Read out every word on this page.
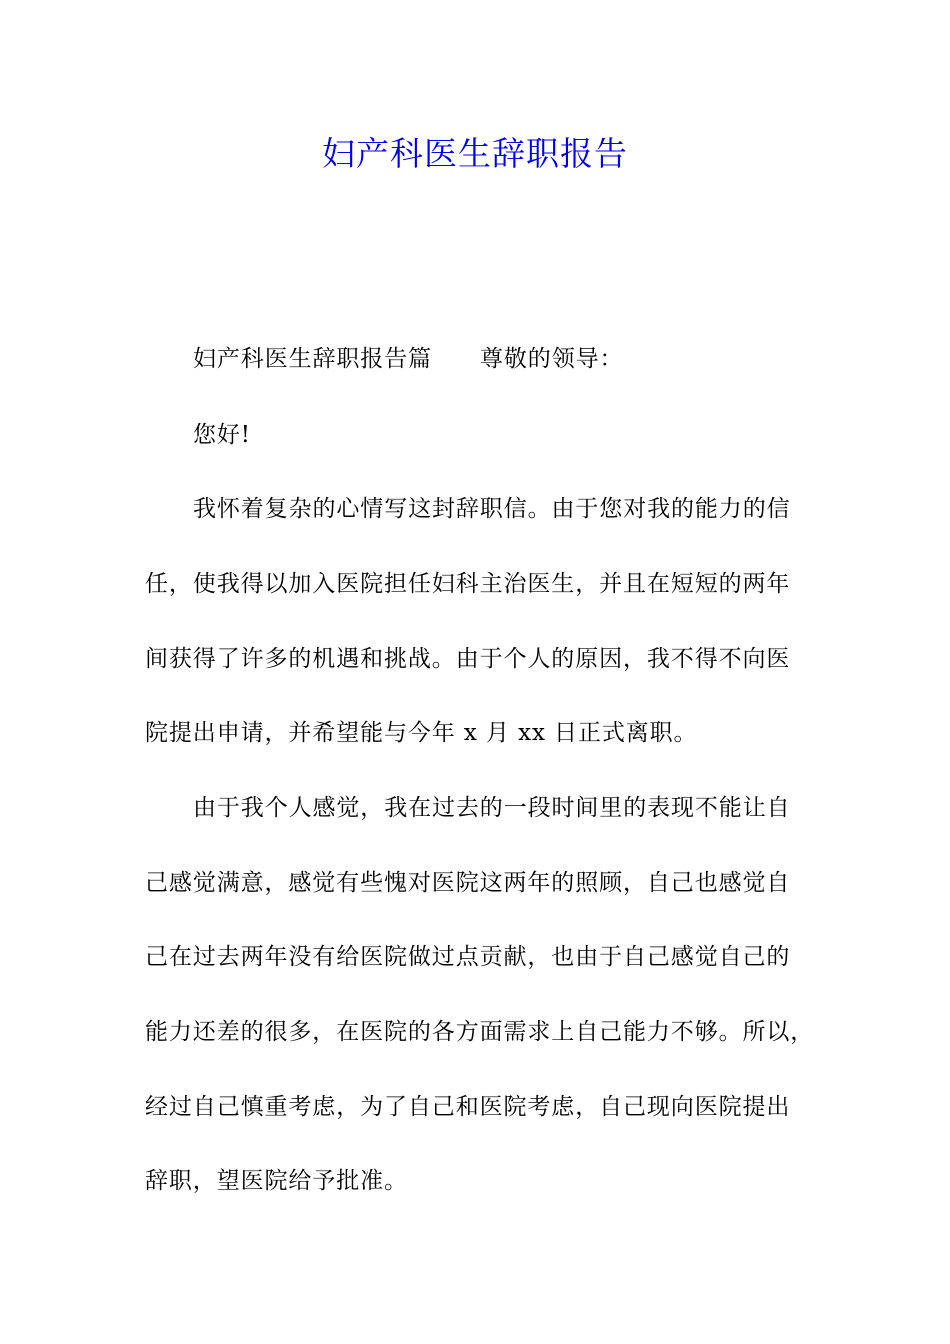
妇产科医生辞职报告
妇产科医生辞职报告篇 尊敬的领导：
您好!
我怀着复杂的心情写这封辞职信。由于您对我的能力的信
任，使我得以加入医院担任妇科主治医生，并且在短短的两年
间获得了许多的机遇和挑战。由于个人的原因，我不得不向医
院提出申请，并希望能与今年 x 月 xx 日正式离职。
由于我个人感觉，我在过去的一段时间里的表现不能让自
己感觉满意，感觉有些愧对医院这两年的照顾，自己也感觉自
己在过去两年没有给医院做过点贡献，也由于自己感觉自己的
能力还差的很多，在医院的各方面需求上自己能力不够。所以，
经过自己慎重考虑，为了自己和医院考虑，自己现向医院提出
辞职，望医院给予批准。
